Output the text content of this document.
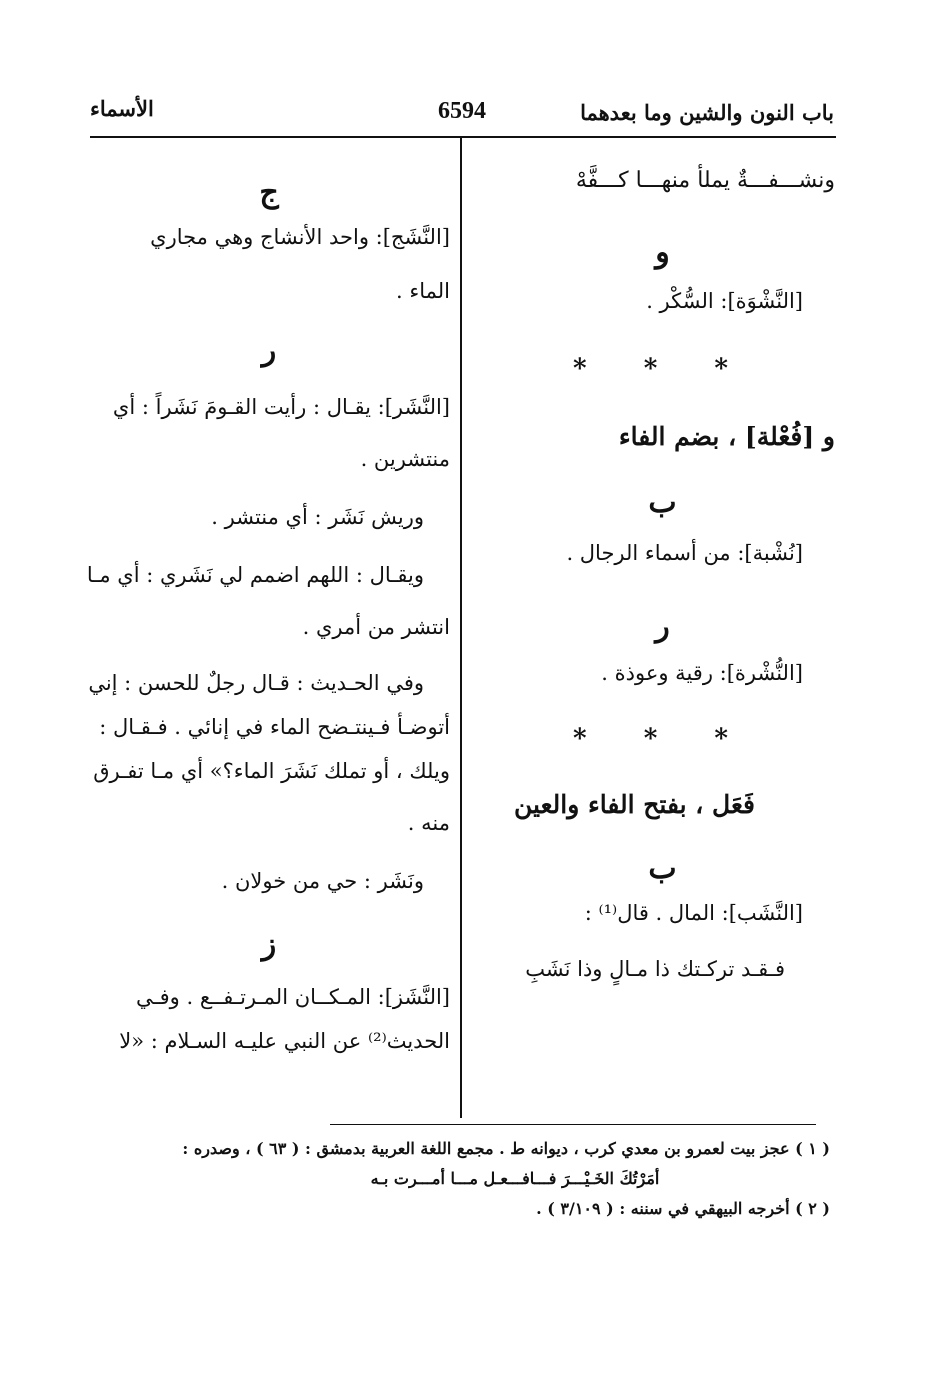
باب النون والشين وما بعدهما
6594
الأسماء
ونشـــفـــةٌ يملأ منهـــا كـــفَّهْ
و
[النَّشْوَة]: السُّكْر .
* * *
و [فُعْلة] ، بضم الفاء
ب
[نُشْبة]: من أسماء الرجال .
ر
[النُّشْرة]: رقية وعوذة .
* * *
فَعَل ، بفتح الفاء والعين
ب
[النَّشَب]: المال . قال⁽¹⁾ :
فـقـد تركـتك ذا مـالٍ وذا نَشَبِ
ج
[النَّشَج]: واحد الأنشاج وهي مجاري
الماء .
ر
[النَّشَر]: يقـال : رأيت القـومَ نَشَراً : أي
منتشرين .
وريش نَشَر : أي منتشر .
ويقـال : اللهم اضمم لي نَشَري : أي مـا
انتشر من أمري .
وفي الحـديث : قـال رجلٌ للحسن : إني
أتوضـأ فـينتـضح الماء في إنائي . فـقـال :
ويلك ، أو تملك نَشَرَ الماء؟» أي مـا تفـرق
منه .
ونَشَر : حي من خولان .
ز
[النَّشَز]: المـكــان المـرتـفــع . وفـي
الحديث⁽²⁾ عن النبي عليـه السـلام : «لا
( ١ ) عجز بيت لعمرو بن معدي كرب ، ديوانه ط . مجمع اللغة العربية بدمشق : ( ٦٣ ) ، وصدره :
أمَرْتُكَ الخَـيْـــرَ فـــافـــعـل مـــا أمـــرت بـه
( ٢ ) أخرجه البيهقي في سننه : ( ٣/١٠٩ ) .
